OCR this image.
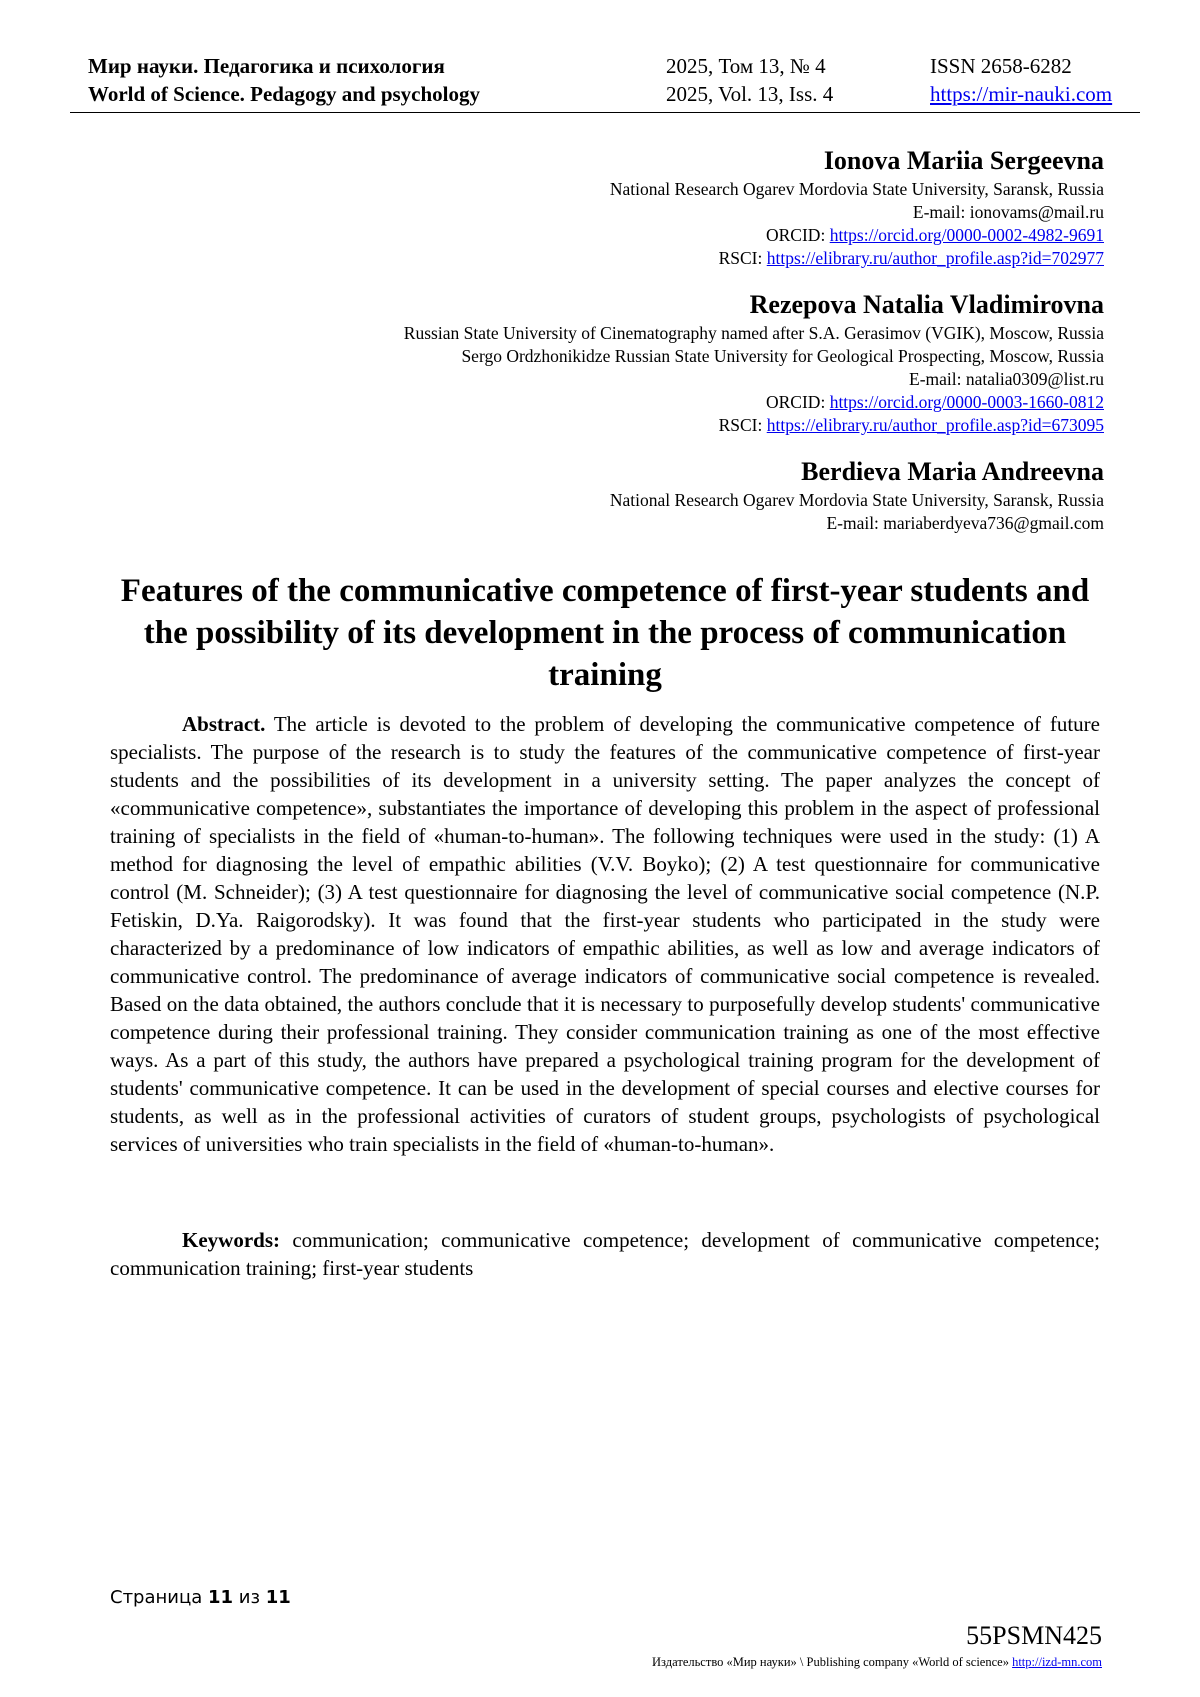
Мир науки. Педагогика и психология	2025, Том 13, № 4	ISSN 2658-6282
World of Science. Pedagogy and psychology	2025, Vol. 13, Iss. 4	https://mir-nauki.com
Ionova Mariia Sergeevna
National Research Ogarev Mordovia State University, Saransk, Russia
E-mail: ionovams@mail.ru
ORCID: https://orcid.org/0000-0002-4982-9691
RSCI: https://elibrary.ru/author_profile.asp?id=702977
Rezepova Natalia Vladimirovna
Russian State University of Cinematography named after S.A. Gerasimov (VGIK), Moscow, Russia
Sergo Ordzhonikidze Russian State University for Geological Prospecting, Moscow, Russia
E-mail: natalia0309@list.ru
ORCID: https://orcid.org/0000-0003-1660-0812
RSCI: https://elibrary.ru/author_profile.asp?id=673095
Berdieva Maria Andreevna
National Research Ogarev Mordovia State University, Saransk, Russia
E-mail: mariaberdyeva736@gmail.com
Features of the communicative competence of first-year students and the possibility of its development in the process of communication training

Abstract. The article is devoted to the problem of developing the communicative competence of future specialists. The purpose of the research is to study the features of the communicative competence of first-year students and the possibilities of its development in a university setting. The paper analyzes the concept of «communicative competence», substantiates the importance of developing this problem in the aspect of professional training of specialists in the field of «human-to-human». The following techniques were used in the study: (1) A method for diagnosing the level of empathic abilities (V.V. Boyko); (2) A test questionnaire for communicative control (M. Schneider); (3) A test questionnaire for diagnosing the level of communicative social competence (N.P. Fetiskin, D.Ya. Raigorodsky). It was found that the first-year students who participated in the study were characterized by a predominance of low indicators of empathic abilities, as well as low and average indicators of communicative control. The predominance of average indicators of communicative social competence is revealed. Based on the data obtained, the authors conclude that it is necessary to purposefully develop students' communicative competence during their professional training. They consider communication training as one of the most effective ways. As a part of this study, the authors have prepared a psychological training program for the development of students' communicative competence. It can be used in the development of special courses and elective courses for students, as well as in the professional activities of curators of student groups, psychologists of psychological services of universities who train specialists in the field of «human-to-human».

Keywords: communication; communicative competence; development of communicative competence; communication training; first-year students

Страница 11 из 11
55PSMN425
Издательство «Мир науки» \ Publishing company «World of science» http://izd-mn.com
